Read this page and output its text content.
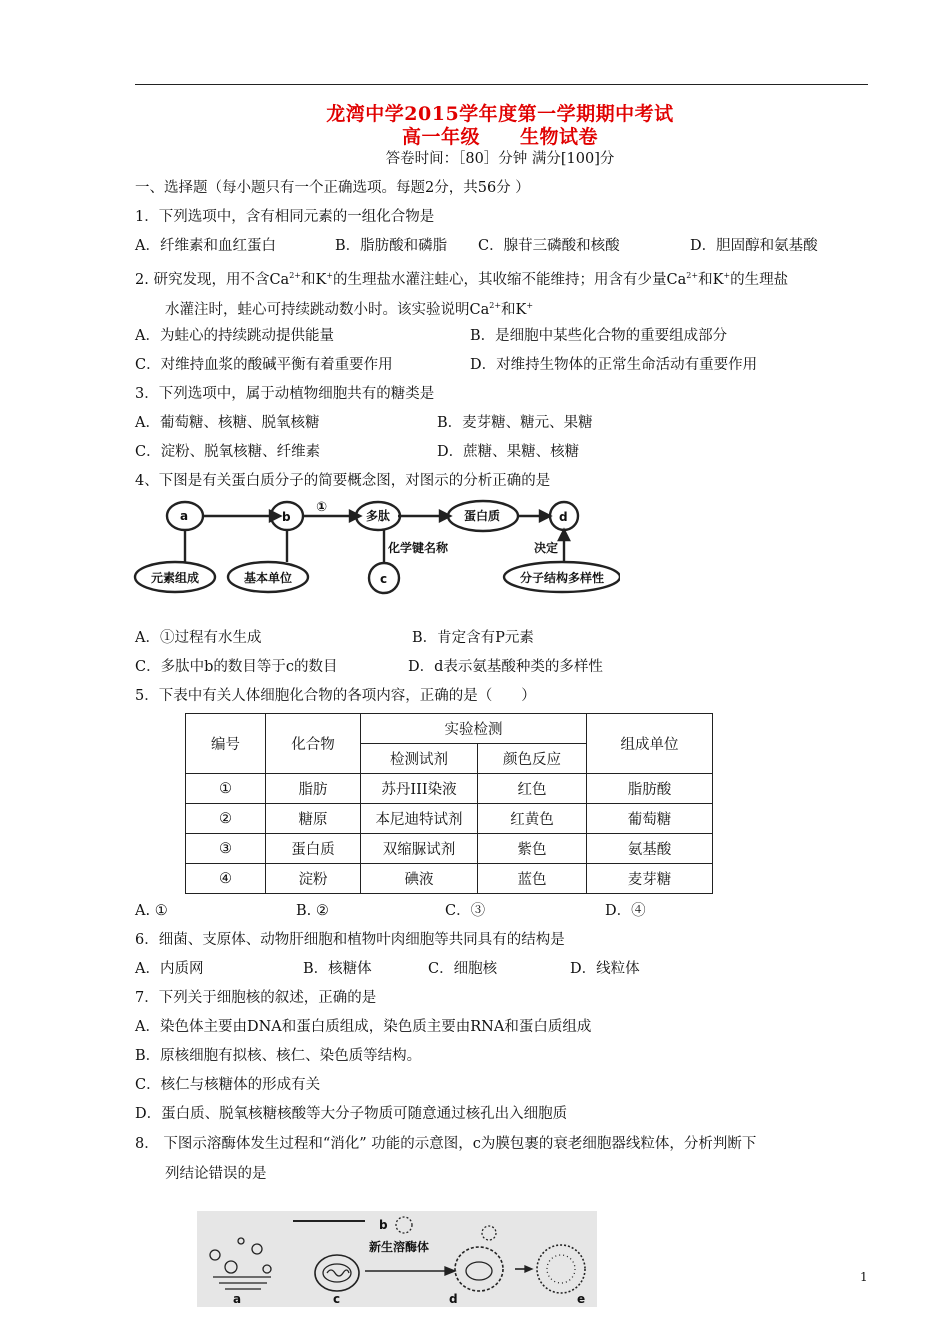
龙湾中学2015学年度第一学期期中考试
高一年级 生物试卷
答卷时间：［80］分钟 满分[100]分
一、选择题（每小题只有一个正确选项。每题2分，共56分 ）
1．下列选项中，含有相同元素的一组化合物是
A．纤维素和血红蛋白	B．脂肪酸和磷脂 C．腺苷三磷酸和核酸	D．胆固醇和氨基酸
2. 研究发现，用不含$Ca^{2+}$和K+的生理盐水灌注蛙心，其收缩不能维持；用含有少量$Ca^{2+}$和K+的生理盐
水灌注时，蛙心可持续跳动数小时。该实验说明$Ca^{2+}$和K+
A．为蛙心的持续跳动提供能量	B．是细胞中某些化合物的重要组成部分
C．对维持血浆的酸碱平衡有着重要作用	D．对维持生物体的正常生命活动有重要作用
3．下列选项中，属于动植物细胞共有的糖类是
A．葡萄糖、核糖、脱氧核糖	B．麦芽糖、糖元、果糖
C．淀粉、脱氧核糖、纤维素	D．蔗糖、果糖、核糖
4、下图是有关蛋白质分子的简要概念图，对图示的分析正确的是
a	b
①
多肽	蛋白质	d
化学键名称	决定
元素组成	基本单位	c	分子结构多样性
A．①过程有水生成	B．肯定含有P元素
C．多肽中b的数目等于c的数目	D．d表示氨基酸种类的多样性
5．下表中有关人体细胞化合物的各项内容，正确的是（　　）
编号	化合物	实验检测		组成单位
		检测试剂	颜色反应	
①	脂肪	苏丹III染液	红色	脂肪酸
②	糖原	本尼迪特试剂	红黄色	葡萄糖
③	蛋白质	双缩脲试剂	紫色	氨基酸
④	淀粉	碘液	蓝色	麦芽糖
A. ①	B. ②	C．③	D．④
6．细菌、支原体、动物肝细胞和植物叶肉细胞等共同具有的结构是
A．内质网	B．核糖体	C．细胞核	D．线粒体
7．下列关于细胞核的叙述，正确的是
A．染色体主要由DNA和蛋白质组成，染色质主要由RNA和蛋白质组成
B．原核细胞有拟核、核仁、染色质等结构。
C．核仁与核糖体的形成有关
D．蛋白质、脱氧核糖核酸等大分子物质可随意通过核孔出入细胞质
8． 下图示溶酶体发生过程和“消化” 功能的示意图，c为膜包裹的衰老细胞器线粒体，分析判断下
列结论错误的是
a
b
c
新生溶酶体
d	e
1
